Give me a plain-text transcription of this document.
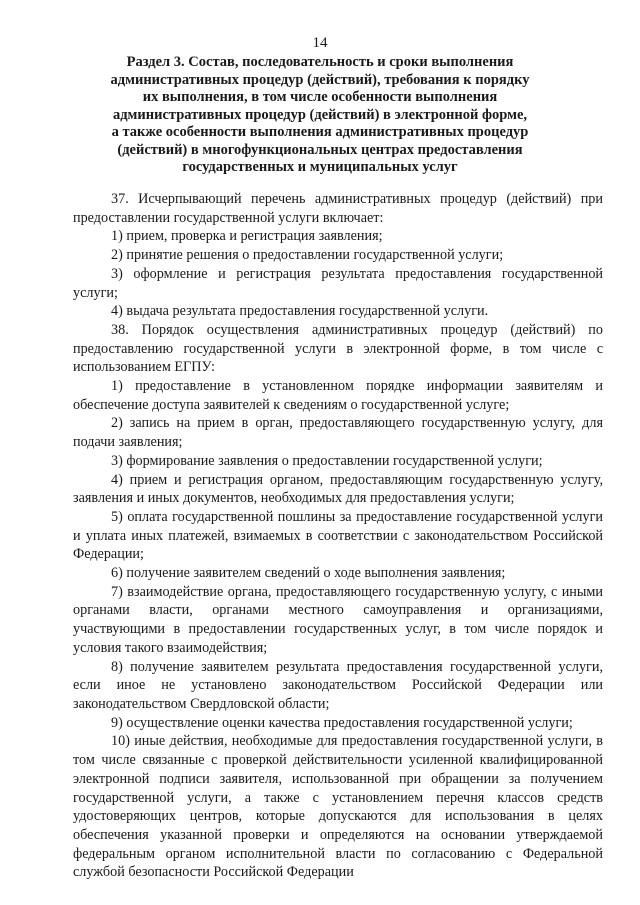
14
Раздел 3. Состав, последовательность и сроки выполнения
административных процедур (действий), требования к порядку
их выполнения, в том числе особенности выполнения
административных процедур (действий) в электронной форме,
а также особенности выполнения административных процедур
(действий) в многофункциональных центрах предоставления
государственных и муниципальных услуг

37. Исчерпывающий перечень административных процедур (действий) при предоставлении государственной услуги включает:

1) прием, проверка и регистрация заявления;

2) принятие решения о предоставлении государственной услуги;

3) оформление и регистрация результата предоставления государственной услуги;

4) выдача результата предоставления государственной услуги.

38. Порядок осуществления административных процедур (действий) по предоставлению государственной услуги в электронной форме, в том числе с использованием ЕГПУ:

1) предоставление в установленном порядке информации заявителям и обеспечение доступа заявителей к сведениям о государственной услуге;

2) запись на прием в орган, предоставляющего государственную услугу, для подачи заявления;

3) формирование заявления о предоставлении государственной услуги;

4) прием и регистрация органом, предоставляющим государственную услугу, заявления и иных документов, необходимых для предоставления услуги;

5) оплата государственной пошлины за предоставление государственной услуги и уплата иных платежей, взимаемых в соответствии с законодательством Российской Федерации;

6) получение заявителем сведений о ходе выполнения заявления;

7) взаимодействие органа, предоставляющего государственную услугу, с иными органами власти, органами местного самоуправления и организациями, участвующими в предоставлении государственных услуг, в том числе порядок и условия такого взаимодействия;

8) получение заявителем результата предоставления государственной услуги, если иное не установлено законодательством Российской Федерации или законодательством Свердловской области;

9) осуществление оценки качества предоставления государственной услуги;

10) иные действия, необходимые для предоставления государственной услуги, в том числе связанные с проверкой действительности усиленной квалифицированной электронной подписи заявителя, использованной при обращении за получением государственной услуги, а также с установлением перечня классов средств удостоверяющих центров, которые допускаются для использования в целях обеспечения указанной проверки и определяются на основании утверждаемой федеральным органом исполнительной власти по согласованию с Федеральной службой безопасности Российской Федерации
